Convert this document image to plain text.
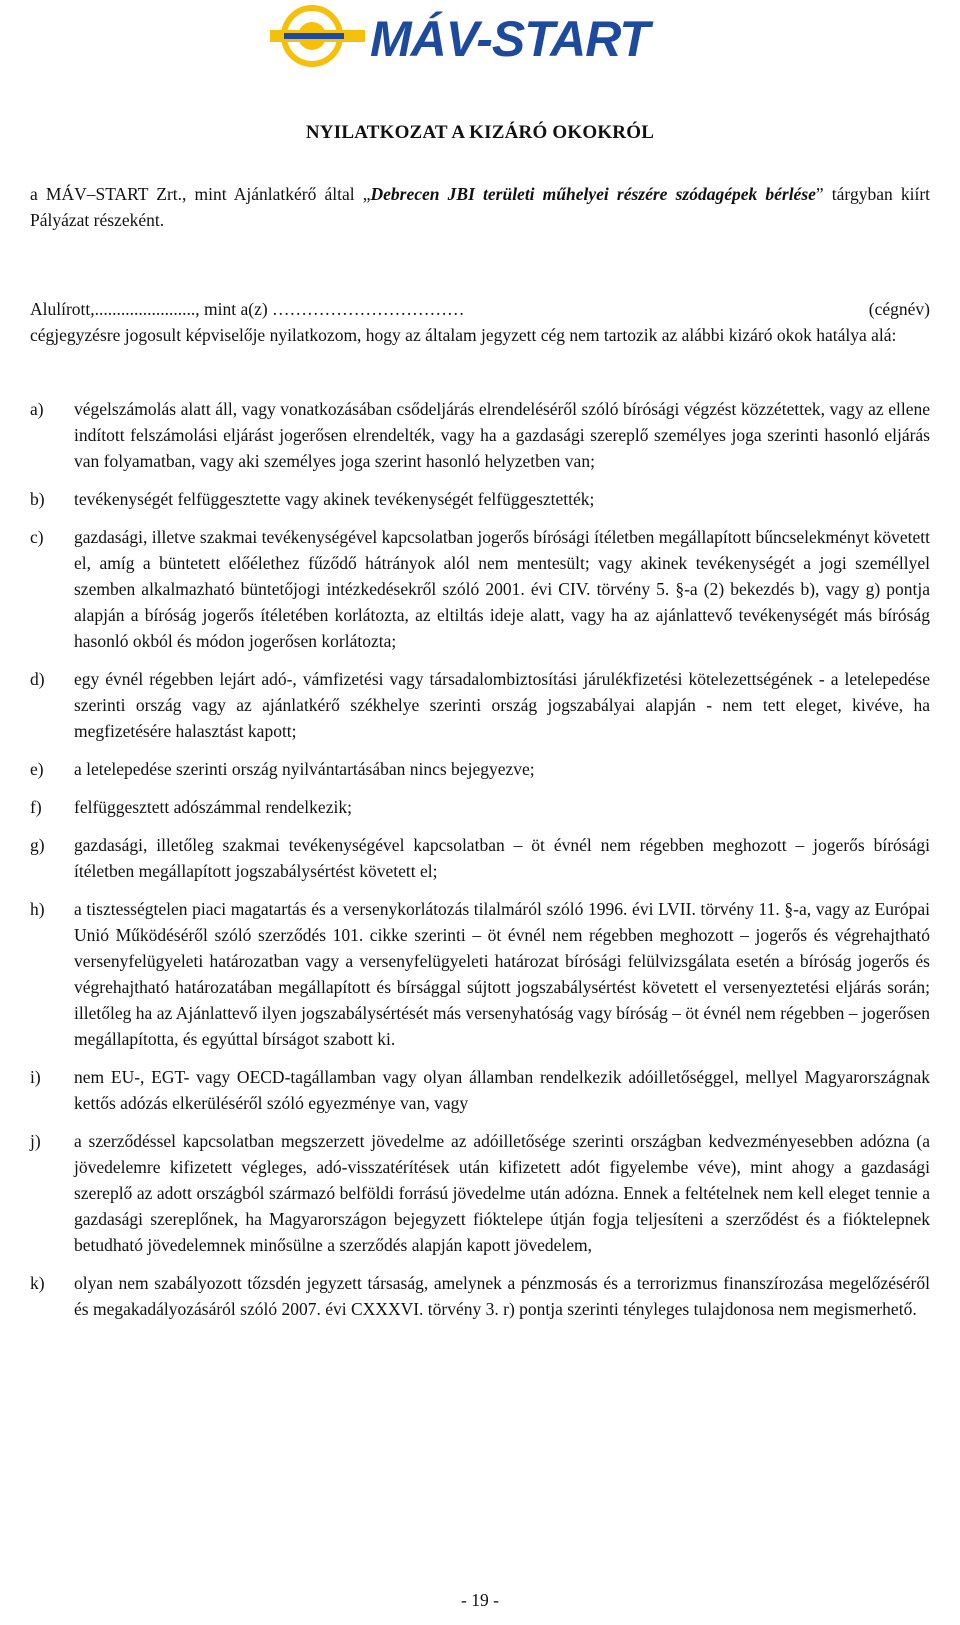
MÁV-START
NYILATKOZAT A KIZÁRÓ OKOKRÓL
a MÁV–START Zrt., mint Ajánlatkérő által „Debrecen JBI területi műhelyei részére szódagépek bérlése” tárgyban kiírt Pályázat részeként.
Alulírott,......................., mint a(z) ……………………………	(cégnév)
cégjegyzésre jogosult képviselője nyilatkozom, hogy az általam jegyzett cég nem tartozik az alábbi kizáró okok hatálya alá:
a)	végelszámolás alatt áll, vagy vonatkozásában csődeljárás elrendeléséről szóló bírósági végzést közzétettek, vagy az ellene indított felszámolási eljárást jogerősen elrendelték, vagy ha a gazdasági szereplő személyes joga szerinti hasonló eljárás van folyamatban, vagy aki személyes joga szerint hasonló helyzetben van;
b)	tevékenységét felfüggesztette vagy akinek tevékenységét felfüggesztették;
c)	gazdasági, illetve szakmai tevékenységével kapcsolatban jogerős bírósági ítéletben megállapított bűncselekményt követett el, amíg a büntetett előélethez fűződő hátrányok alól nem mentesült; vagy akinek tevékenységét a jogi személlyel szemben alkalmazható büntetőjogi intézkedésekről szóló 2001. évi CIV. törvény 5. §-a (2) bekezdés b), vagy g) pontja alapján a bíróság jogerős ítéletében korlátozta, az eltiltás ideje alatt, vagy ha az ajánlattevő tevékenységét más bíróság hasonló okból és módon jogerősen korlátozta;
d)	egy évnél régebben lejárt adó-, vámfizetési vagy társadalombiztosítási járulékfizetési kötelezettségének - a letelepedése szerinti ország vagy az ajánlatkérő székhelye szerinti ország jogszabályai alapján - nem tett eleget, kivéve, ha megfizetésére halasztást kapott;
e)	a letelepedése szerinti ország nyilvántartásában nincs bejegyezve;
f)	felfüggesztett adószámmal rendelkezik;
g)	gazdasági, illetőleg szakmai tevékenységével kapcsolatban – öt évnél nem régebben meghozott – jogerős bírósági ítéletben megállapított jogszabálysértést követett el;
h)	a tisztességtelen piaci magatartás és a versenykorlátozás tilalmáról szóló 1996. évi LVII. törvény 11. §-a, vagy az Európai Unió Működéséről szóló szerződés 101. cikke szerinti – öt évnél nem régebben meghozott – jogerős és végrehajtható versenyfelügyeleti határozatban vagy a versenyfelügyeleti határozat bírósági felülvizsgálata esetén a bíróság jogerős és végrehajtható határozatában megállapított és bírsággal sújtott jogszabálysértést követett el versenyeztetési eljárás során; illetőleg ha az Ajánlattevő ilyen jogszabálysértését más versenyhatóság vagy bíróság – öt évnél nem régebben – jogerősen megállapította, és egyúttal bírságot szabott ki.
i)	nem EU-, EGT- vagy OECD-tagállamban vagy olyan államban rendelkezik adóilletőséggel, mellyel Magyarországnak kettős adózás elkerüléséről szóló egyezménye van, vagy
j)	a szerződéssel kapcsolatban megszerzett jövedelme az adóilletősége szerinti országban kedvezményesebben adózna (a jövedelemre kifizetett végleges, adó-visszatérítések után kifizetett adót figyelembe véve), mint ahogy a gazdasági szereplő az adott országból származó belföldi forrású jövedelme után adózna. Ennek a feltételnek nem kell eleget tennie a gazdasági szereplőnek, ha Magyarországon bejegyzett fióktelepe útján fogja teljesíteni a szerződést és a fióktelepnek betudható jövedelemnek minősülne a szerződés alapján kapott jövedelem,
k)	olyan nem szabályozott tőzsdén jegyzett társaság, amelynek a pénzmosás és a terrorizmus finanszírozása megelőzéséről és megakadályozásáról szóló 2007. évi CXXXVI. törvény 3. r) pontja szerinti tényleges tulajdonosa nem megismerhető.
- 19 -
